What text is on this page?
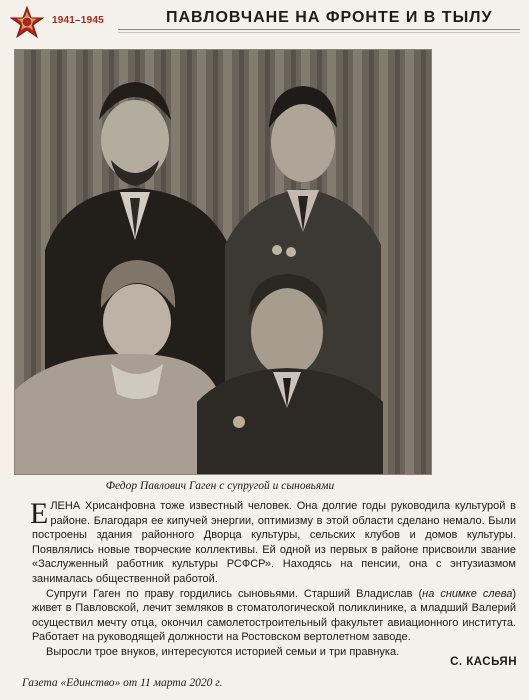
1941–1945	ПАВЛОВЧАНЕ НА ФРОНТЕ И В ТЫЛУ
Федор Павлович Гаген с супругой и сыновьями

ЕЛЕНА Хрисанфовна тоже известный человек. Она долгие годы руководила культурой в районе. Благодаря ее кипучей энергии, оптимизму в этой области сделано немало. Были построены здания районного Дворца культуры, сельских клубов и домов культуры. Появлялись новые творческие коллективы. Ей одной из первых в районе присвоили звание «Заслуженный работник культуры РСФСР». Находясь на пенсии, она с энтузиазмом занималась общественной работой.

Супруги Гаген по праву гордились сыновьями. Старший Владислав (на снимке слева) живет в Павловской, лечит земляков в стоматологической поликлинике, а младший Валерий осуществил мечту отца, окончил самолетостроительный факультет авиационного института. Работает на руководящей должности на Ростовском вертолетном заводе.

Выросли трое внуков, интересуются историей семьи и три правнука.

С. КАСЬЯН
Газета «Единство» от 11 марта 2020 г.
